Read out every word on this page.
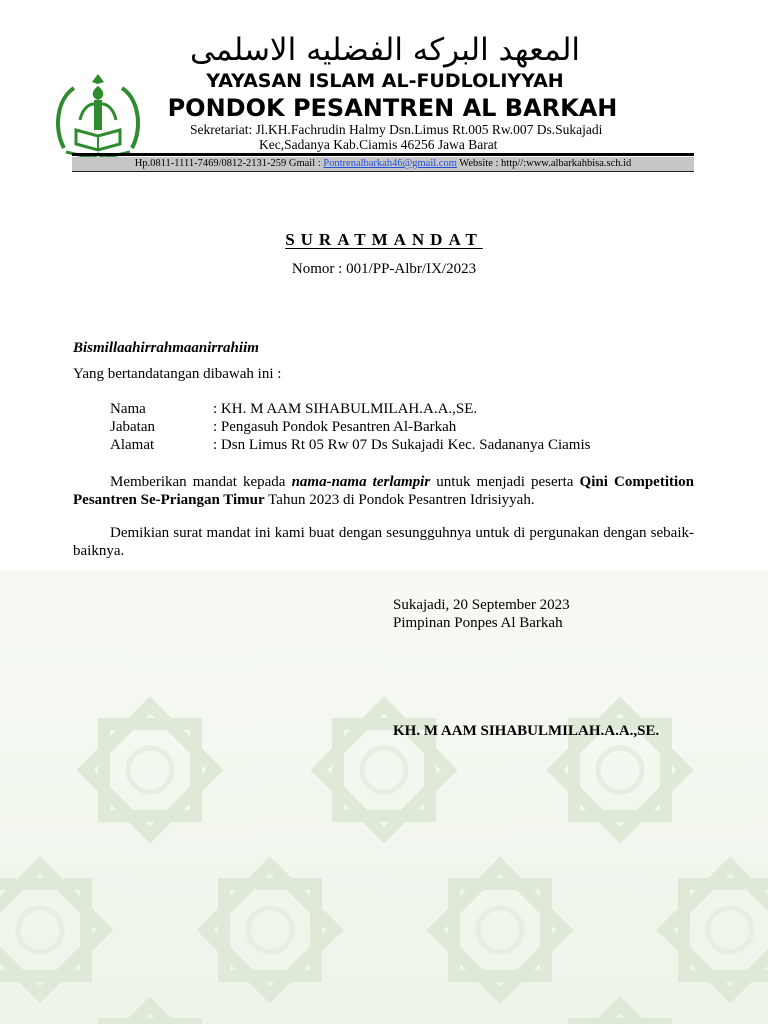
المعهد البركه الفضليه الاسلمى
YAYASAN ISLAM AL-FUDLOLIYYAH
PONDOK PESANTREN AL BARKAH
Sekretariat: Jl.KH.Fachrudin Halmy Dsn.Limus Rt.005 Rw.007 Ds.Sukajadi
Kec,Sadanya Kab.Ciamis 46256 Jawa Barat
Hp.0811-1111-7469/0812-2131-259 Gmail : Pontrenalbarkah46@gmail.com Website : http//:www.albarkahbisa.sch.id
SURATMANDAT
Nomor : 001/PP-Albr/IX/2023
Bismillaahirrahmaanirrahiim
Yang bertandatangan dibawah ini :
Nama	: KH. M AAM SIHABULMILAH.A.A.,SE.
Jabatan	: Pengasuh Pondok Pesantren Al-Barkah
Alamat	: Dsn Limus Rt 05 Rw 07 Ds Sukajadi Kec. Sadananya Ciamis
Memberikan mandat kepada nama-nama terlampir untuk menjadi peserta Qini Competition Pesantren Se-Priangan Timur Tahun 2023 di Pondok Pesantren Idrisiyyah.
Demikian surat mandat ini kami buat dengan sesungguhnya untuk di pergunakan dengan sebaik-baiknya.
Sukajadi, 20 September 2023
Pimpinan Ponpes Al Barkah
KH. M AAM SIHABULMILAH.A.A.,SE.
